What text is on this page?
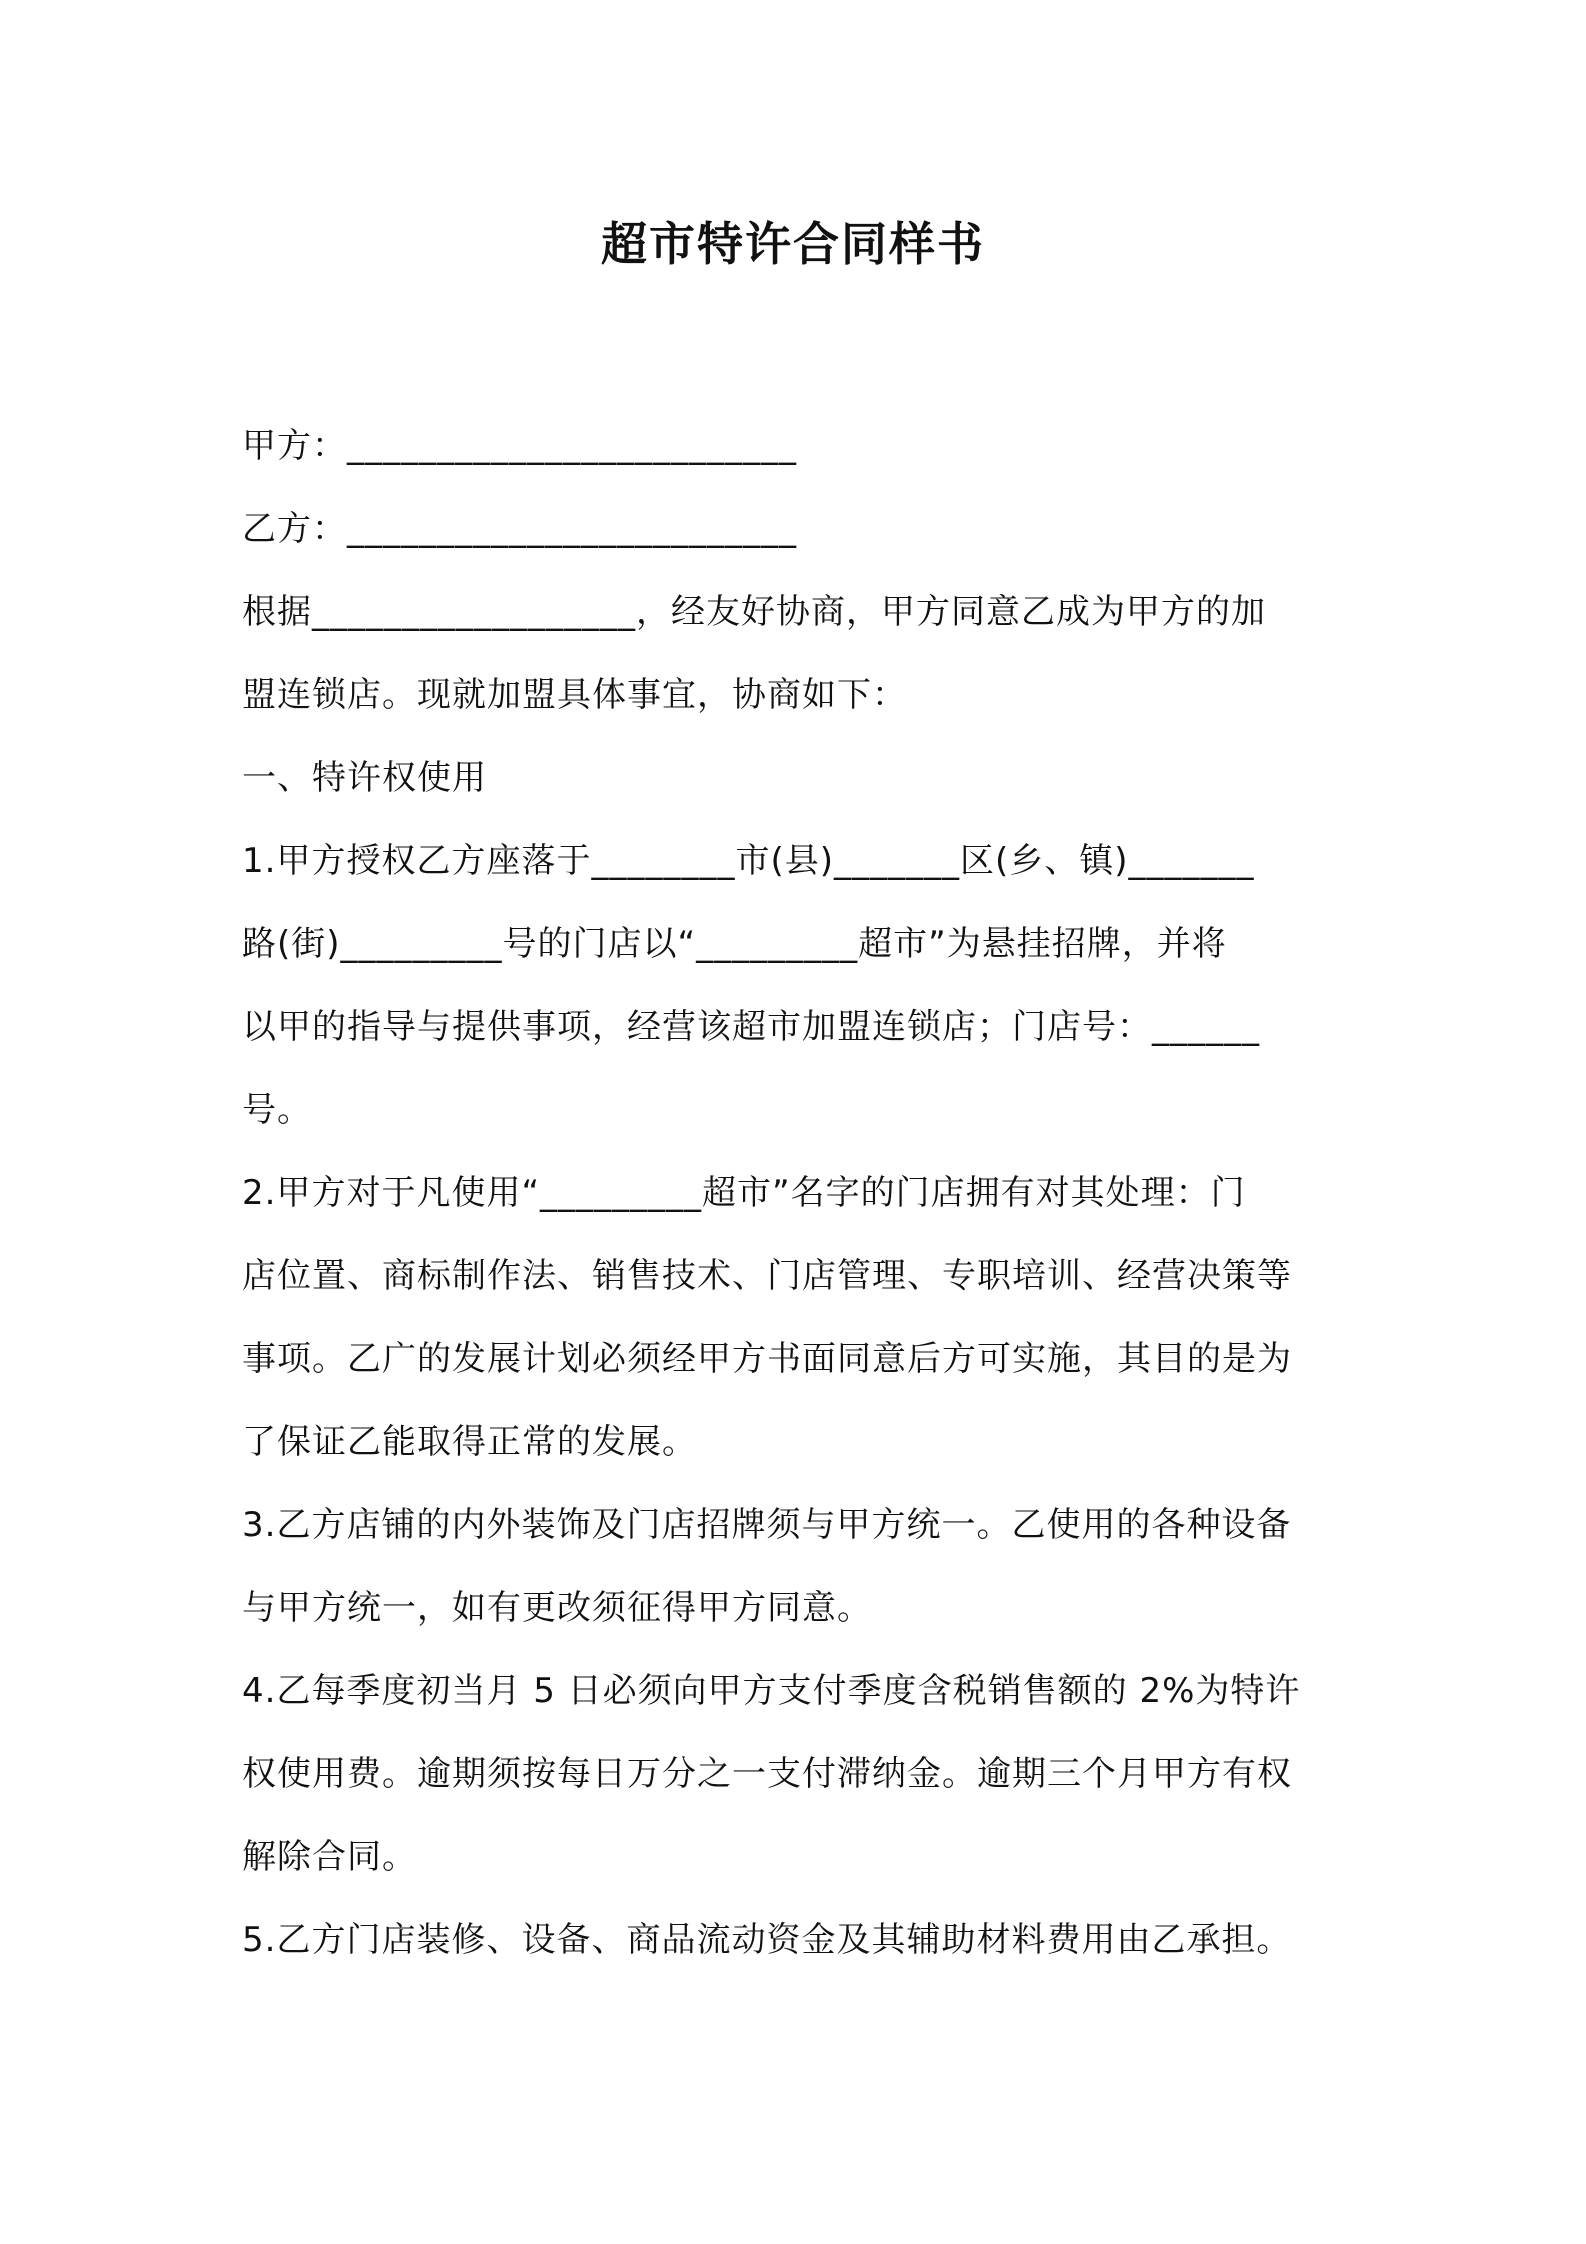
超市特许合同样书

甲方：_________________________

乙方：_________________________

根据__________________，经友好协商，甲方同意乙成为甲方的加

盟连锁店。现就加盟具体事宜，协商如下：

一、特许权使用

1.甲方授权乙方座落于________市(县)_______区(乡、镇)_______

路(街)_________号的门店以“_________超市”为悬挂招牌，并将

以甲的指导与提供事项，经营该超市加盟连锁店；门店号：______

号。

2.甲方对于凡使用“_________超市”名字的门店拥有对其处理：门

店位置、商标制作法、销售技术、门店管理、专职培训、经营决策等

事项。乙广的发展计划必须经甲方书面同意后方可实施，其目的是为

了保证乙能取得正常的发展。

3.乙方店铺的内外装饰及门店招牌须与甲方统一。乙使用的各种设备

与甲方统一，如有更改须征得甲方同意。

4.乙每季度初当月 5 日必须向甲方支付季度含税销售额的 2%为特许

权使用费。逾期须按每日万分之一支付滞纳金。逾期三个月甲方有权

解除合同。

5.乙方门店装修、设备、商品流动资金及其辅助材料费用由乙承担。
